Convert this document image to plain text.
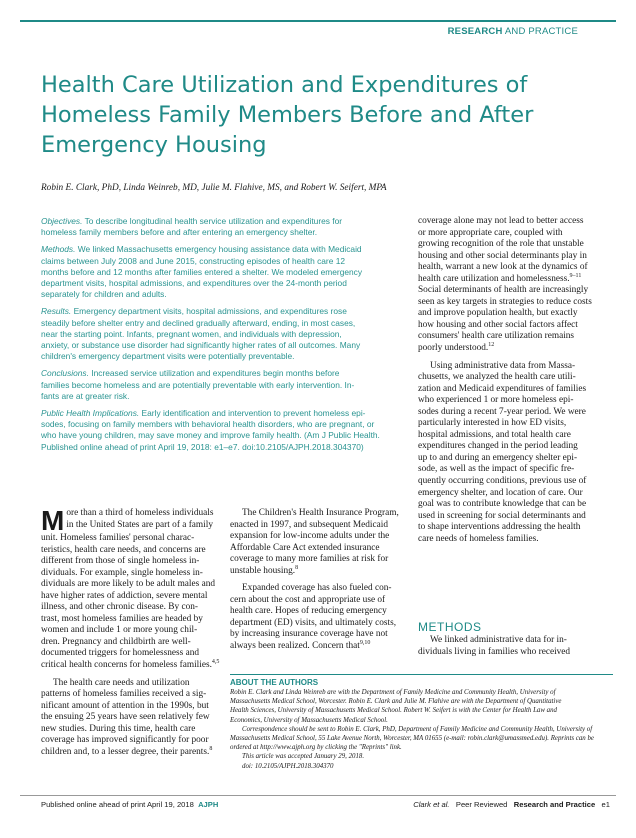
RESEARCH AND PRACTICE
Health Care Utilization and Expenditures of
Homeless Family Members Before and After
Emergency Housing
Robin E. Clark, PhD, Linda Weinreb, MD, Julie M. Flahive, MS, and Robert W. Seifert, MPA

Objectives. To describe longitudinal health service utilization and expenditures for
homeless family members before and after entering an emergency shelter.

Methods. We linked Massachusetts emergency housing assistance data with Medicaid
claims between July 2008 and June 2015, constructing episodes of health care 12
months before and 12 months after families entered a shelter. We modeled emergency
department visits, hospital admissions, and expenditures over the 24-month period
separately for children and adults.

Results. Emergency department visits, hospital admissions, and expenditures rose
steadily before shelter entry and declined gradually afterward, ending, in most cases,
near the starting point. Infants, pregnant women, and individuals with depression,
anxiety, or substance use disorder had significantly higher rates of all outcomes. Many
children's emergency department visits were potentially preventable.

Conclusions. Increased service utilization and expenditures begin months before
families become homeless and are potentially preventable with early intervention. In-
fants are at greater risk.

Public Health Implications. Early identification and intervention to prevent homeless epi-
sodes, focusing on family members with behavioral health disorders, who are pregnant, or
who have young children, may save money and improve family health. (Am J Public Health.
Published online ahead of print April 19, 2018: e1–e7. doi:10.2105/AJPH.2018.304370)

coverage alone may not lead to better access
or more appropriate care, coupled with
growing recognition of the role that unstable
housing and other social determinants play in
health, warrant a new look at the dynamics of
health care utilization and homelessness.$^{9-11}$
Social determinants of health are increasingly
seen as key targets in strategies to reduce costs
and improve population health, but exactly
how housing and other social factors affect
consumers' health care utilization remains
poorly understood.$^{12}$

Using administrative data from Massa-
chusetts, we analyzed the health care utili-
zation and Medicaid expenditures of families
who experienced 1 or more homeless epi-
sodes during a recent 7-year period. We were
particularly interested in how ED visits,
hospital admissions, and total health care
expenditures changed in the period leading
up to and during an emergency shelter epi-
sode, as well as the impact of specific fre-
quently occurring conditions, previous use of
emergency shelter, and location of care. Our
goal was to contribute knowledge that can be
used in screening for social determinants and
to shape interventions addressing the health
care needs of homeless families.

METHODS
We linked administrative data for in-
dividuals living in families who received

M ore than a third of homeless individuals
in the United States are part of a family
unit. Homeless families' personal charac-
teristics, health care needs, and concerns are
different from those of single homeless in-
dividuals. For example, single homeless in-
dividuals are more likely to be adult males and
have higher rates of addiction, severe mental
illness, and other chronic disease. By con-
trast, most homeless families are headed by
women and include 1 or more young chil-
dren. Pregnancy and childbirth are well-
documented triggers for homelessness and
critical health concerns for homeless families.$^{4,5}$

The health care needs and utilization
patterns of homeless families received a sig-
nificant amount of attention in the 1990s, but
the ensuing 25 years have seen relatively few
new studies. During this time, health care
coverage has improved significantly for poor
children and, to a lesser degree, their parents.$^8$

The Children's Health Insurance Program,
enacted in 1997, and subsequent Medicaid
expansion for low-income adults under the
Affordable Care Act extended insurance
coverage to many more families at risk for
unstable housing.$^8$

Expanded coverage has also fueled con-
cern about the cost and appropriate use of
health care. Hopes of reducing emergency
department (ED) visits, and ultimately costs,
by increasing insurance coverage have not
always been realized. Concern that$^{9,10}$

ABOUT THE AUTHORS
Robin E. Clark and Linda Weinreb are with the Department of Family Medicine and Community Health, University of
Massachusetts Medical School, Worcester. Robin E. Clark and Julie M. Flahive are with the Department of Quantitative
Health Sciences, University of Massachusetts Medical School. Robert W. Seifert is with the Center for Health Law and
Economics, University of Massachusetts Medical School.
Correspondence should be sent to Robin E. Clark, PhD, Department of Family Medicine and Community Health, University of
Massachusetts Medical School, 55 Lake Avenue North, Worcester, MA 01655 (e-mail: robin.clark@umassmed.edu). Reprints can be
ordered at http://www.ajph.org by clicking the "Reprints" link.
This article was accepted January 29, 2018.
doi: 10.2105/AJPH.2018.304370
Published online ahead of print April 19, 2018 AJPH	Clark et al. Peer Reviewed Research and Practice e1
